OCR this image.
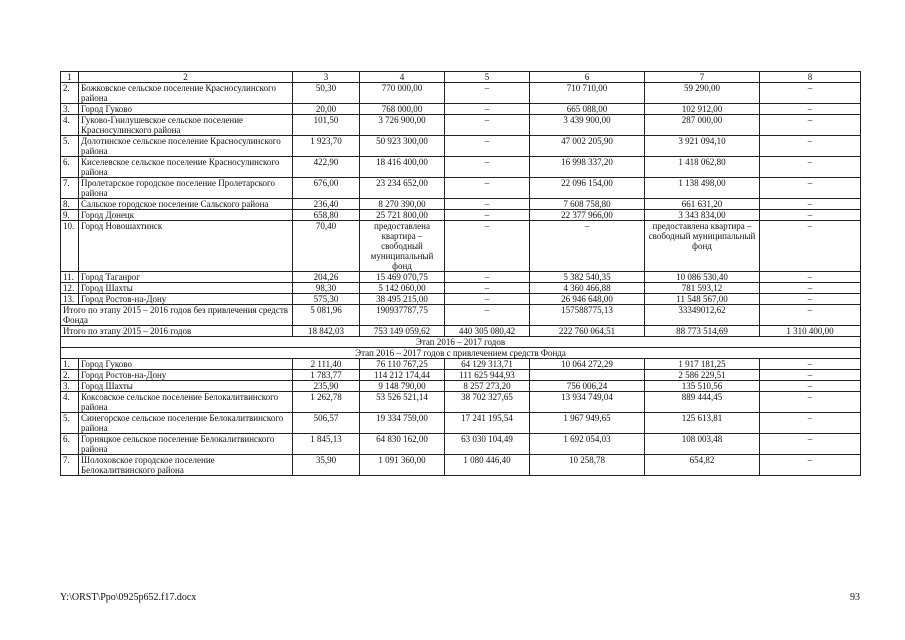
1	2	3	4	5	6	7	8
2.	Божковское сельское поселение Красносулинского района	50,30	770 000,00	–	710 710,00	59 290,00	–
3.	Город Гуково	20,00	768 000,00	–	665 088,00	102 912,00	–
4.	Гуково-Гнилушевское сельское поселение Красносулинского района	101,50	3 726 900,00	–	3 439 900,00	287 000,00	–
5.	Долотинское сельское поселение Красносулинского района	1 923,70	50 923 300,00	–	47 002 205,90	3 921 094,10	–
6.	Киселевское сельское поселение Красносулинского района	422,90	18 416 400,00	–	16 998 337,20	1 418 062,80	–
7.	Пролетарское городское поселение Пролетарского района	676,00	23 234 652,00	–	22 096 154,00	1 138 498,00	–
8.	Сальское городское поселение Сальского района	236,40	8 270 390,00	–	7 608 758,80	661 631,20	–
9.	Город Донецк	658,80	25 721 800,00	–	22 377 966,00	3 343 834,00	–
10.	Город Новошахтинск	70,40	предоставлена квартира – свободный муниципальный фонд	–	–	предоставлена квартира – свободный муниципальный фонд	–
11.	Город Таганрог	204,26	15 469 070,75	–	5 382 540,35	10 086 530,40	–
12.	Город Шахты	98,30	5 142 060,00	–	4 360 466,88	781 593,12	–
13.	Город Ростов-на-Дону	575,30	38 495 215,00	–	26 946 648,00	11 548 567,00	–
Итого по этапу 2015 – 2016 годов без привлечения средств Фонда		5 081,96	190937787,75	–	157588775,13	33349012,62	–
Итого по этапу 2015 – 2016 годов		18 842,03	753 149 059,62	440 305 080,42	222 760 064,51	88 773 514,69	1 310 400,00
Этап 2016 – 2017 годов							
Этап 2016 – 2017 годов с привлечением средств Фонда							
1.	Город Гуково	2 111,40	76 110 767,25	64 129 313,71	10 064 272,29	1 917 181,25	–
2.	Город Ростов-на-Дону	1 783,77	114 212 174,44	111 625 944,93		2 586 229,51	–
3.	Город Шахты	235,90	9 148 790,00	8 257 273,20	756 006,24	135 510,56	–
4.	Коксовское сельское поселение Белокалитвинского района	1 262,78	53 526 521,14	38 702 327,65	13 934 749,04	889 444,45	–
5.	Синегорское сельское поселение Белокалитвинского района	506,57	19 334 759,00	17 241 195,54	1 967 949,65	125 613,81	–
6.	Горняцкое сельское поселение Белокалитвинского района	1 845,13	64 830 162,00	63 030 104,49	1 692 054,03	108 003,48	–
7.	Шолоховское городское поселение Белокалитвинского района	35,90	1 091 360,00	1 080 446,40	10 258,78	654,82	–
Y:\ORST\Ppo\0925p652.f17.docx	93
